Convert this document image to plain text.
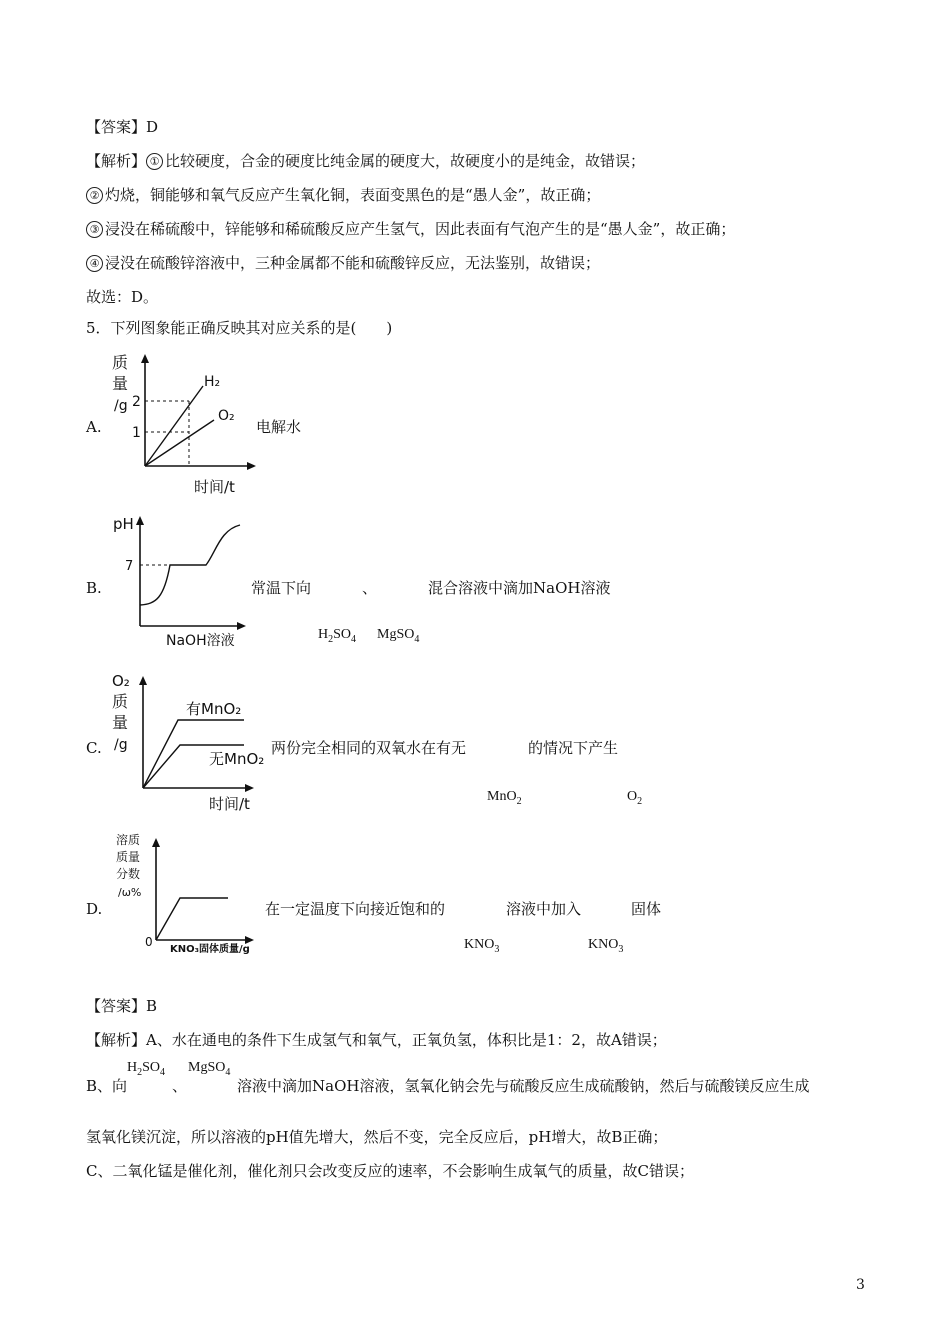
【答案】D
【解析】 ① 比较硬度，合金的硬度比纯金属的硬度大，故硬度小的是纯金，故错误；
② 灼烧，铜能够和氧气反应产生氧化铜，表面变黑色的是“愚人金”，故正确；
③ 浸没在稀硫酸中，锌能够和稀硫酸反应产生氢气，因此表面有气泡产生的是“愚人金”，故正确；
④ 浸没在硫酸锌溶液中，三种金属都不能和硫酸锌反应，无法鉴别，故错误；
故选：D。
5．下列图象能正确反映其对应关系的是(　　)
A.
质
量
/g 2
1
H₂
O₂
时间/t
电解水
B.
pH
7
NaOH溶液
常温下向	、	混合溶液中滴加NaOH溶液
$H_2SO_4$ MgSO$_4$
C.
O₂
质
量
/g
有MnO₂
无MnO₂
时间/t
两份完全相同的双氧水在有无	的情况下产生
MnO$_2$	$O_2$
D.
溶质
质量
分数
/ω%
0
KNO₃固体质量/g
在一定温度下向接近饱和的	溶液中加入	固体
$KNO_3$	$KNO_3$
【答案】B
【解析】A、水在通电的条件下生成氢气和氧气，正氧负氢，体积比是1：2，故A错误；
$H_2SO_4$ MgSO$_4$
B、向	、	溶液中滴加NaOH溶液，氢氧化钠会先与硫酸反应生成硫酸钠，然后与硫酸镁反应生成
氢氧化镁沉淀，所以溶液的pH值先增大，然后不变，完全反应后，pH增大，故B正确；
C、二氧化锰是催化剂，催化剂只会改变反应的速率，不会影响生成氧气的质量，故C错误；
3
